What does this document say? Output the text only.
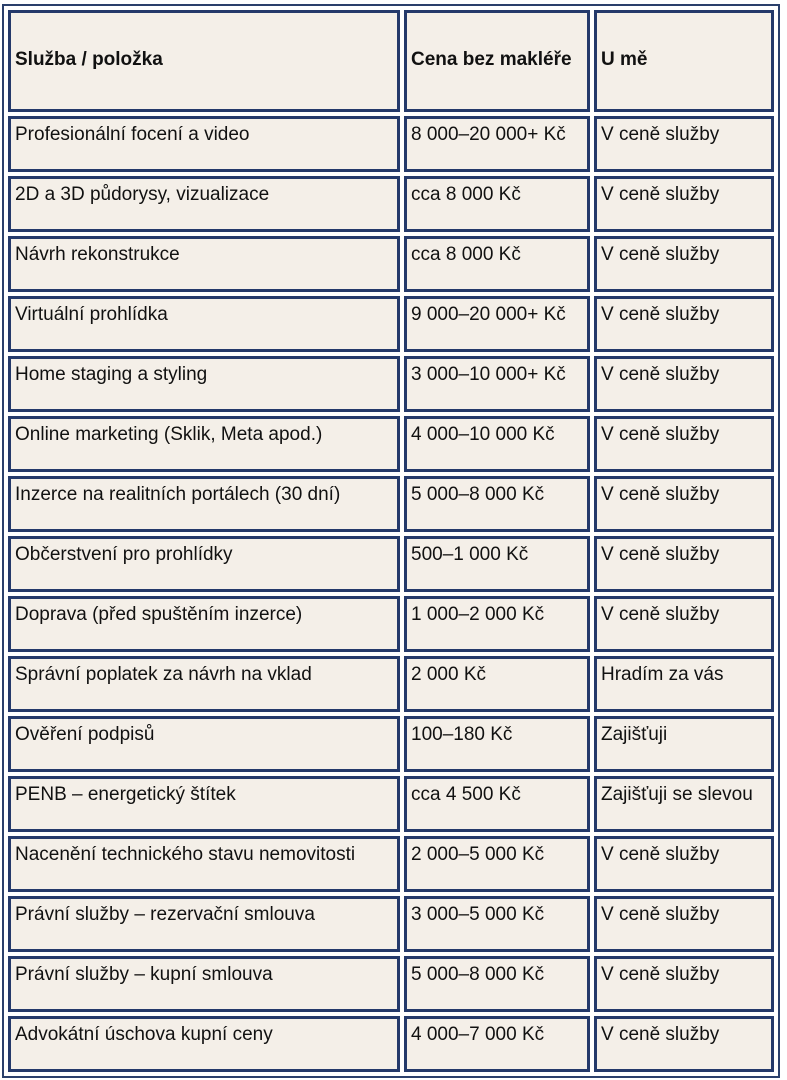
Služba / položka	Cena bez makléře	U mě
Profesionální focení a video	8 000–20 000+ Kč	V ceně služby
2D a 3D půdorysy, vizualizace	cca 8 000 Kč	V ceně služby
Návrh rekonstrukce	cca 8 000 Kč	V ceně služby
Virtuální prohlídka	9 000–20 000+ Kč	V ceně služby
Home staging a styling	3 000–10 000+ Kč	V ceně služby
Online marketing (Sklik, Meta apod.)	4 000–10 000 Kč	V ceně služby
Inzerce na realitních portálech (30 dní)	5 000–8 000 Kč	V ceně služby
Občerstvení pro prohlídky	500–1 000 Kč	V ceně služby
Doprava (před spuštěním inzerce)	1 000–2 000 Kč	V ceně služby
Správní poplatek za návrh na vklad	2 000 Kč	Hradím za vás
Ověření podpisů	100–180 Kč	Zajišťuji
PENB – energetický štítek	cca 4 500 Kč	Zajišťuji se slevou
Nacenění technického stavu nemovitosti	2 000–5 000 Kč	V ceně služby
Právní služby – rezervační smlouva	3 000–5 000 Kč	V ceně služby
Právní služby – kupní smlouva	5 000–8 000 Kč	V ceně služby
Advokátní úschova kupní ceny	4 000–7 000 Kč	V ceně služby
